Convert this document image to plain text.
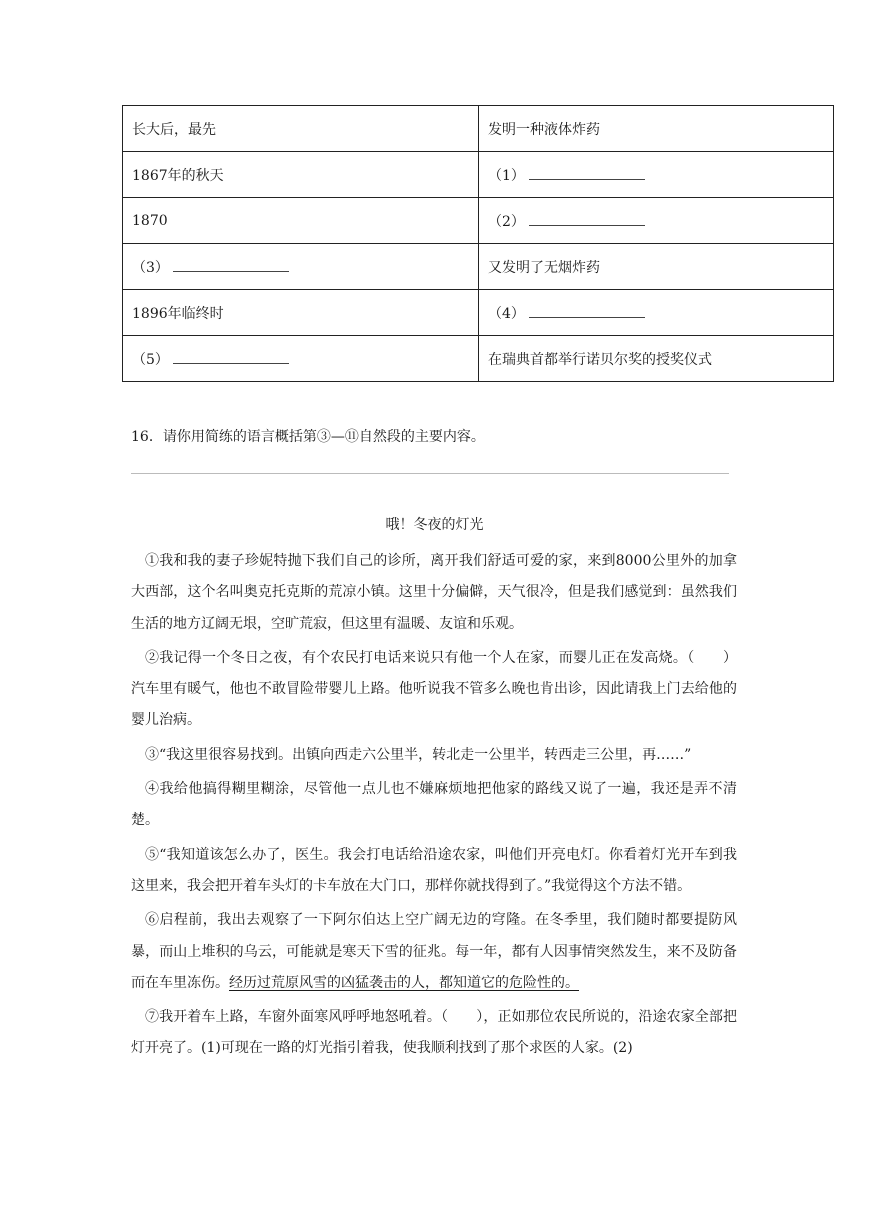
长大后，最先	发明一种液体炸药
1867年的秋天	（1）
1870	（2）
（3）	又发明了无烟炸药
1896年临终时	（4）
（5）	在瑞典首都举行诺贝尔奖的授奖仪式
16．请你用简练的语言概括第③—⑪自然段的主要内容。
哦！冬夜的灯光

①我和我的妻子珍妮特抛下我们自己的诊所，离开我们舒适可爱的家，来到8000公里外的加拿大西部，这个名叫奥克托克斯的荒凉小镇。这里十分偏僻，天气很冷，但是我们感觉到：虽然我们生活的地方辽阔无垠，空旷荒寂，但这里有温暖、友谊和乐观。

②我记得一个冬日之夜，有个农民打电话来说只有他一个人在家，而婴儿正在发高烧。（　　）汽车里有暖气，他也不敢冒险带婴儿上路。他听说我不管多么晚也肯出诊，因此请我上门去给他的婴儿治病。

③“我这里很容易找到。出镇向西走六公里半，转北走一公里半，转西走三公里，再……”

④我给他搞得糊里糊涂，尽管他一点儿也不嫌麻烦地把他家的路线又说了一遍，我还是弄不清楚。

⑤“我知道该怎么办了，医生。我会打电话给沿途农家，叫他们开亮电灯。你看着灯光开车到我这里来，我会把开着车头灯的卡车放在大门口，那样你就找得到了。”我觉得这个方法不错。

⑥启程前，我出去观察了一下阿尔伯达上空广阔无边的穹隆。在冬季里，我们随时都要提防风暴，而山上堆积的乌云，可能就是寒天下雪的征兆。每一年，都有人因事情突然发生，来不及防备而在车里冻伤。经历过荒原风雪的凶猛袭击的人，都知道它的危险性的。

⑦我开着车上路，车窗外面寒风呼呼地怒吼着。（　　），正如那位农民所说的，沿途农家全部把灯开亮了。(1)可现在一路的灯光指引着我，使我顺利找到了那个求医的人家。(2)
